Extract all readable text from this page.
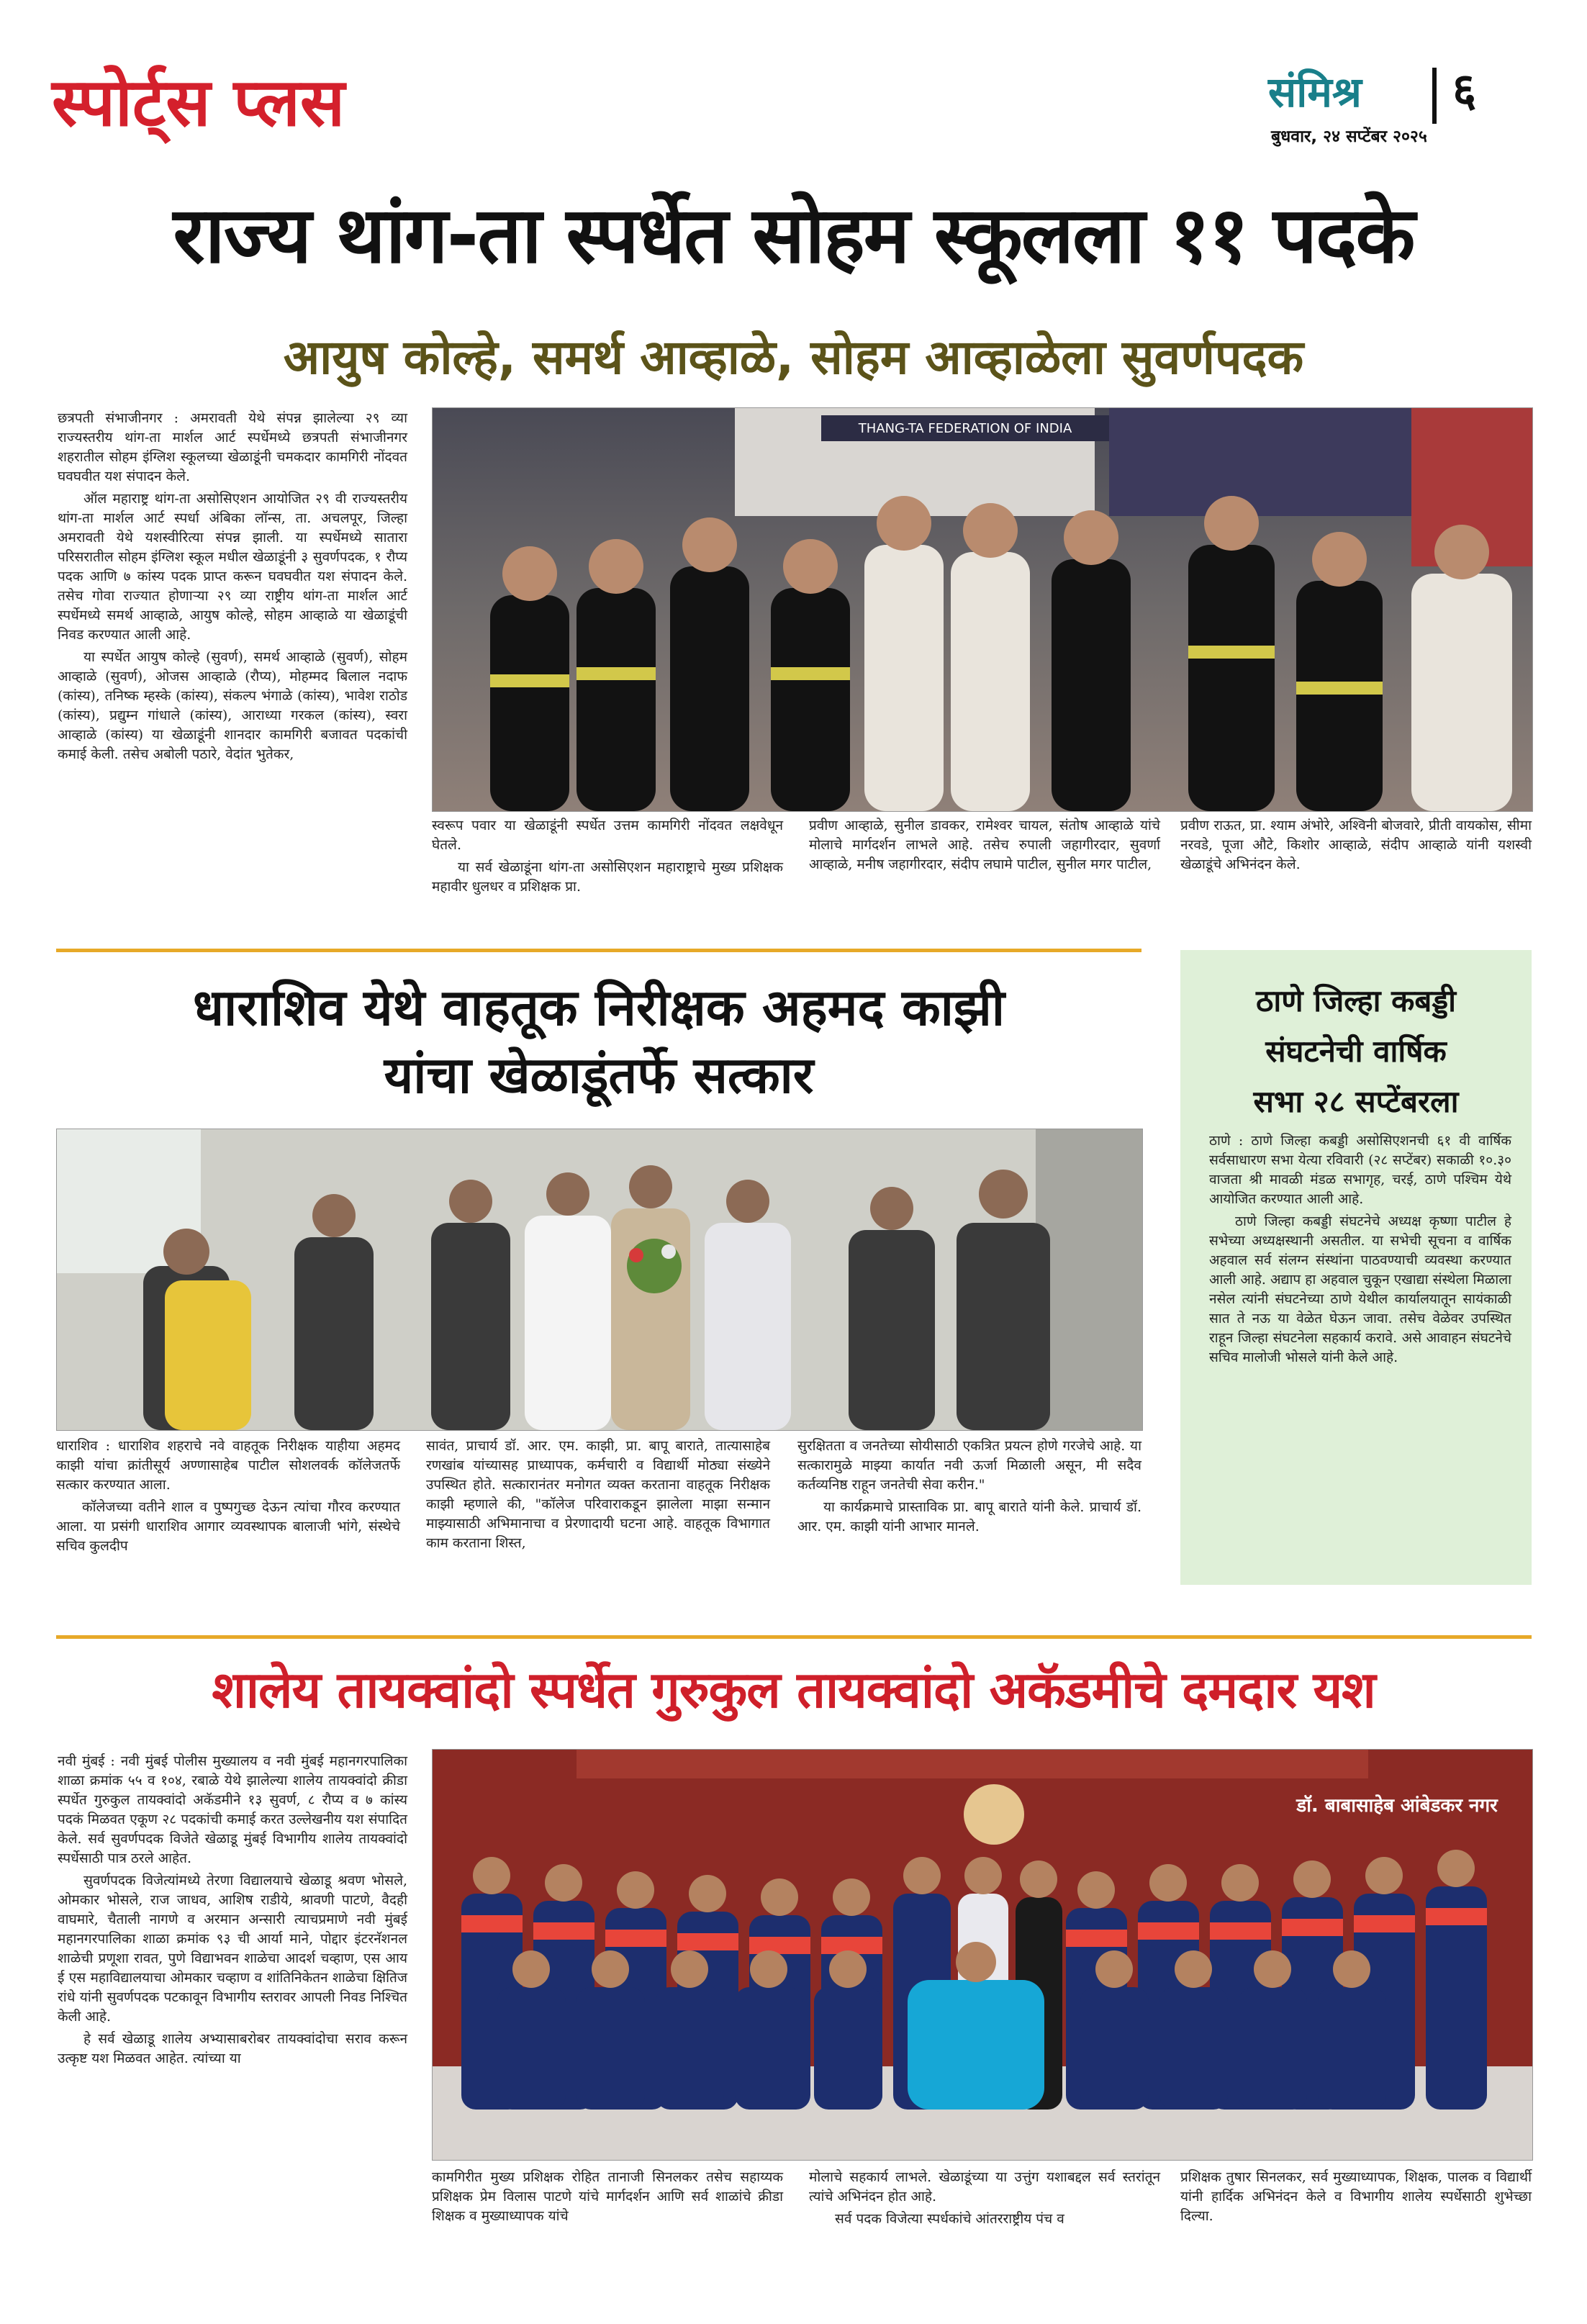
स्पोर्ट्स प्लस	संमिश्र ६
बुधवार, २४ सप्टेंबर २०२५
राज्य थांग-ता स्पर्धेत सोहम स्कूलला ११ पदके
आयुष कोल्हे, समर्थ आव्हाळे, सोहम आव्हाळेला सुवर्णपदक

छत्रपती संभाजीनगर : अमरावती येथे संपन्न झालेल्या २९ व्या राज्यस्तरीय थांग-ता मार्शल आर्ट स्पर्धेमध्ये छत्रपती संभाजीनगर शहरातील सोहम इंग्लिश स्कूलच्या खेळाडूंनी चमकदार कामगिरी नोंदवत घवघवीत यश संपादन केले.

ऑल महाराष्ट्र थांग-ता असोसिएशन आयोजित २९ वी राज्यस्तरीय थांग-ता मार्शल आर्ट स्पर्धा अंबिका लॉन्स, ता. अचलपूर, जिल्हा अमरावती येथे यशस्वीरित्या संपन्न झाली. या स्पर्धेमध्ये सातारा परिसरातील सोहम इंग्लिश स्कूल मधील खेळाडूंनी ३ सुवर्णपदक, १ रौप्य पदक आणि ७ कांस्य पदक प्राप्त करून घवघवीत यश संपादन केले. तसेच गोवा राज्यात होणाऱ्या २९ व्या राष्ट्रीय थांग-ता मार्शल आर्ट स्पर्धेमध्ये समर्थ आव्हाळे, आयुष कोल्हे, सोहम आव्हाळे या खेळाडूंची निवड करण्यात आली आहे.

या स्पर्धेत आयुष कोल्हे (सुवर्ण), समर्थ आव्हाळे (सुवर्ण), सोहम आव्हाळे (सुवर्ण), ओजस आव्हाळे (रौप्य), मोहम्मद बिलाल नदाफ (कांस्य), तनिष्क म्हस्के (कांस्य), संकल्प भंगाळे (कांस्य), भावेश राठोड (कांस्य), प्रद्युम्न गांधाले (कांस्य), आराध्या गरकल (कांस्य), स्वरा आव्हाळे (कांस्य) या खेळाडूंनी शानदार कामगिरी बजावत पदकांची कमाई केली. तसेच अबोली पठारे, वेदांत भुतेकर,

THANG-TA FEDERATION OF INDIA

स्वरूप पवार या खेळाडूंनी स्पर्धेत उत्तम कामगिरी नोंदवत लक्षवेधून घेतले.

या सर्व खेळाडूंना थांग-ता असोसिएशन महाराष्ट्राचे मुख्य प्रशिक्षक महावीर धुलधर व प्रशिक्षक प्रा.

प्रवीण आव्हाळे, सुनील डावकर, रामेश्वर चायल, संतोष आव्हाळे यांचे मोलाचे मार्गदर्शन लाभले आहे. तसेच रुपाली जहागीरदार, सुवर्णा आव्हाळे, मनीष जहागीरदार, संदीप लघामे पाटील, सुनील मगर पाटील,

प्रवीण राऊत, प्रा. श्याम अंभोरे, अश्विनी बोजवारे, प्रीती वायकोस, सीमा नरवडे, पूजा औटे, किशोर आव्हाळे, संदीप आव्हाळे यांनी यशस्वी खेळाडूंचे अभिनंदन केले.

धाराशिव येथे वाहतूक निरीक्षक अहमद काझी
यांचा खेळाडूंतर्फे सत्कार

धाराशिव : धाराशिव शहराचे नवे वाहतूक निरीक्षक याहीया अहमद काझी यांचा क्रांतीसूर्य अण्णासाहेब पाटील सोशलवर्क कॉलेजतर्फे सत्कार करण्यात आला.

कॉलेजच्या वतीने शाल व पुष्पगुच्छ देऊन त्यांचा गौरव करण्यात आला. या प्रसंगी धाराशिव आगार व्यवस्थापक बालाजी भांगे, संस्थेचे सचिव कुलदीप

सावंत, प्राचार्य डॉ. आर. एम. काझी, प्रा. बापू बाराते, तात्यासाहेब रणखांब यांच्यासह प्राध्यापक, कर्मचारी व विद्यार्थी मोठ्या संख्येने उपस्थित होते. सत्कारानंतर मनोगत व्यक्त करताना वाहतूक निरीक्षक काझी म्हणाले की, "कॉलेज परिवाराकडून झालेला माझा सन्मान माझ्यासाठी अभिमानाचा व प्रेरणादायी घटना आहे. वाहतूक विभागात काम करताना शिस्त,

सुरक्षितता व जनतेच्या सोयीसाठी एकत्रित प्रयत्न होणे गरजेचे आहे. या सत्कारामुळे माझ्या कार्यात नवी ऊर्जा मिळाली असून, मी सदैव कर्तव्यनिष्ठ राहून जनतेची सेवा करीन."

या कार्यक्रमाचे प्रास्ताविक प्रा. बापू बाराते यांनी केले. प्राचार्य डॉ. आर. एम. काझी यांनी आभार मानले.

ठाणे जिल्हा कबड्डी
संघटनेची वार्षिक
सभा २८ सप्टेंबरला

ठाणे : ठाणे जिल्हा कबड्डी असोसिएशनची ६१ वी वार्षिक सर्वसाधारण सभा येत्या रविवारी (२८ सप्टेंबर) सकाळी १०.३० वाजता श्री मावळी मंडळ सभागृह, चरई, ठाणे पश्चिम येथे आयोजित करण्यात आली आहे.

ठाणे जिल्हा कबड्डी संघटनेचे अध्यक्ष कृष्णा पाटील हे सभेच्या अध्यक्षस्थानी असतील. या सभेची सूचना व वार्षिक अहवाल सर्व संलग्न संस्थांना पाठवण्याची व्यवस्था करण्यात आली आहे. अद्याप हा अहवाल चुकून एखाद्या संस्थेला मिळाला नसेल त्यांनी संघटनेच्या ठाणे येथील कार्यालयातून सायंकाळी सात ते नऊ या वेळेत घेऊन जावा. तसेच वेळेवर उपस्थित राहून जिल्हा संघटनेला सहकार्य करावे. असे आवाहन संघटनेचे सचिव मालोजी भोसले यांनी केले आहे.

शालेय तायक्वांदो स्पर्धेत गुरुकुल तायक्वांदो अकॅडमीचे दमदार यश

नवी मुंबई : नवी मुंबई पोलीस मुख्यालय व नवी मुंबई महानगरपालिका शाळा क्रमांक ५५ व १०४, रबाळे येथे झालेल्या शालेय तायक्वांदो क्रीडा स्पर्धेत गुरुकुल तायक्वांदो अकॅडमीने १३ सुवर्ण, ८ रौप्य व ७ कांस्य पदकं मिळवत एकूण २८ पदकांची कमाई करत उल्लेखनीय यश संपादित केले. सर्व सुवर्णपदक विजेते खेळाडू मुंबई विभागीय शालेय तायक्वांदो स्पर्धेसाठी पात्र ठरले आहेत.

सुवर्णपदक विजेत्यांमध्ये तेरणा विद्यालयाचे खेळाडू श्रवण भोसले, ओमकार भोसले, राज जाधव, आशिष राडीये, श्रावणी पाटणे, वैदही वाघमारे, चैताली नागणे व अरमान अन्सारी त्याचप्रमाणे नवी मुंबई महानगरपालिका शाळा क्रमांक ९३ ची आर्या माने, पोद्दार इंटरनॅशनल शाळेची प्रणूशा रावत, पुणे विद्याभवन शाळेचा आदर्श चव्हाण, एस आय ई एस महाविद्यालयाचा ओमकार चव्हाण व शांतिनिकेतन शाळेचा क्षितिज रांधे यांनी सुवर्णपदक पटकावून विभागीय स्तरावर आपली निवड निश्चित केली आहे.

हे सर्व खेळाडू शालेय अभ्यासाबरोबर तायक्वांदोचा सराव करून उत्कृष्ट यश मिळवत आहेत. त्यांच्या या

डॉ. बाबासाहेब आंबेडकर नगर

कामगिरीत मुख्य प्रशिक्षक रोहित तानाजी सिनलकर तसेच सहाय्यक प्रशिक्षक प्रेम विलास पाटणे यांचे मार्गदर्शन आणि सर्व शाळांचे क्रीडा शिक्षक व मुख्याध्यापक यांचे

मोलाचे सहकार्य लाभले. खेळाडूंच्या या उत्तुंग यशाबद्दल सर्व स्तरांतून त्यांचे अभिनंदन होत आहे.

सर्व पदक विजेत्या स्पर्धकांचे आंतरराष्ट्रीय पंच व

प्रशिक्षक तुषार सिनलकर, सर्व मुख्याध्यापक, शिक्षक, पालक व विद्यार्थी यांनी हार्दिक अभिनंदन केले व विभागीय शालेय स्पर्धेसाठी शुभेच्छा दिल्या.
